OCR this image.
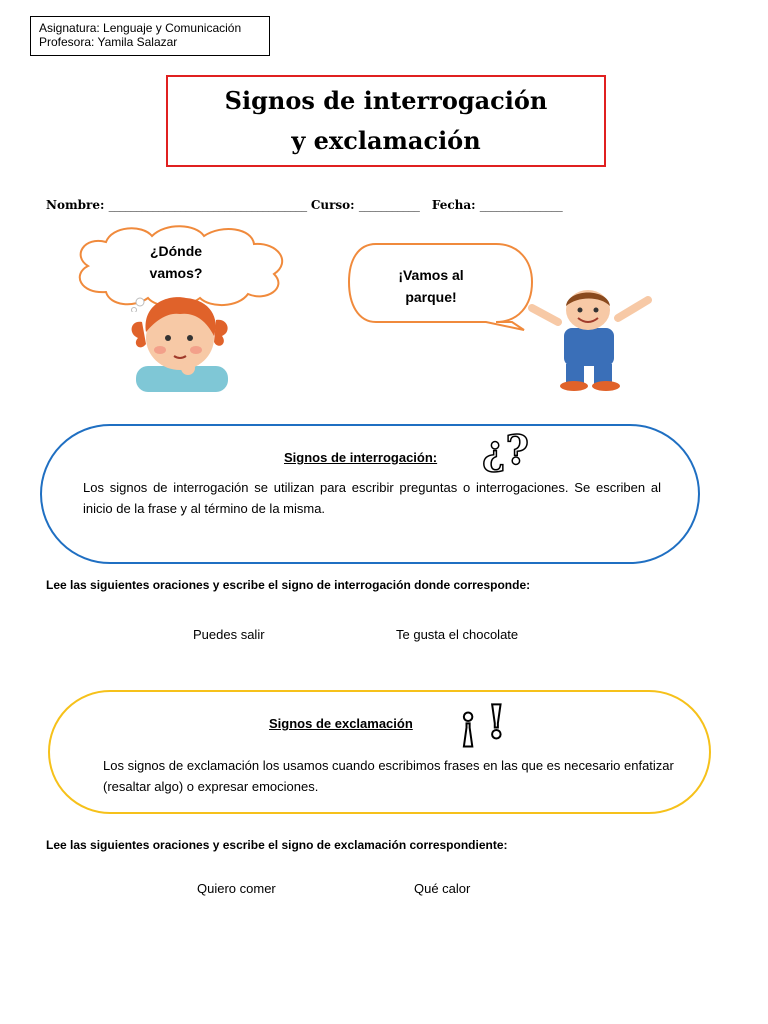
Asignatura: Lenguaje y Comunicación
Profesora: Yamila Salazar
Signos de interrogación
y exclamación
Nombre: ____________________________________ Curso: ___________ Fecha: _______________
¿Dónde
vamos?	¡Vamos al
parque!
Signos de interrogación: ¿?
Los signos de interrogación se utilizan para escribir preguntas o interrogaciones. Se escriben al inicio de la frase y al término de la misma.
Lee las siguientes oraciones y escribe el signo de interrogación donde corresponde:
Puedes salir	Te gusta el chocolate
Signos de exclamación ¡!
Los signos de exclamación los usamos cuando escribimos frases en las que es necesario enfatizar (resaltar algo) o expresar emociones.
Lee las siguientes oraciones y escribe el signo de exclamación correspondiente:
Quiero comer	Qué calor
